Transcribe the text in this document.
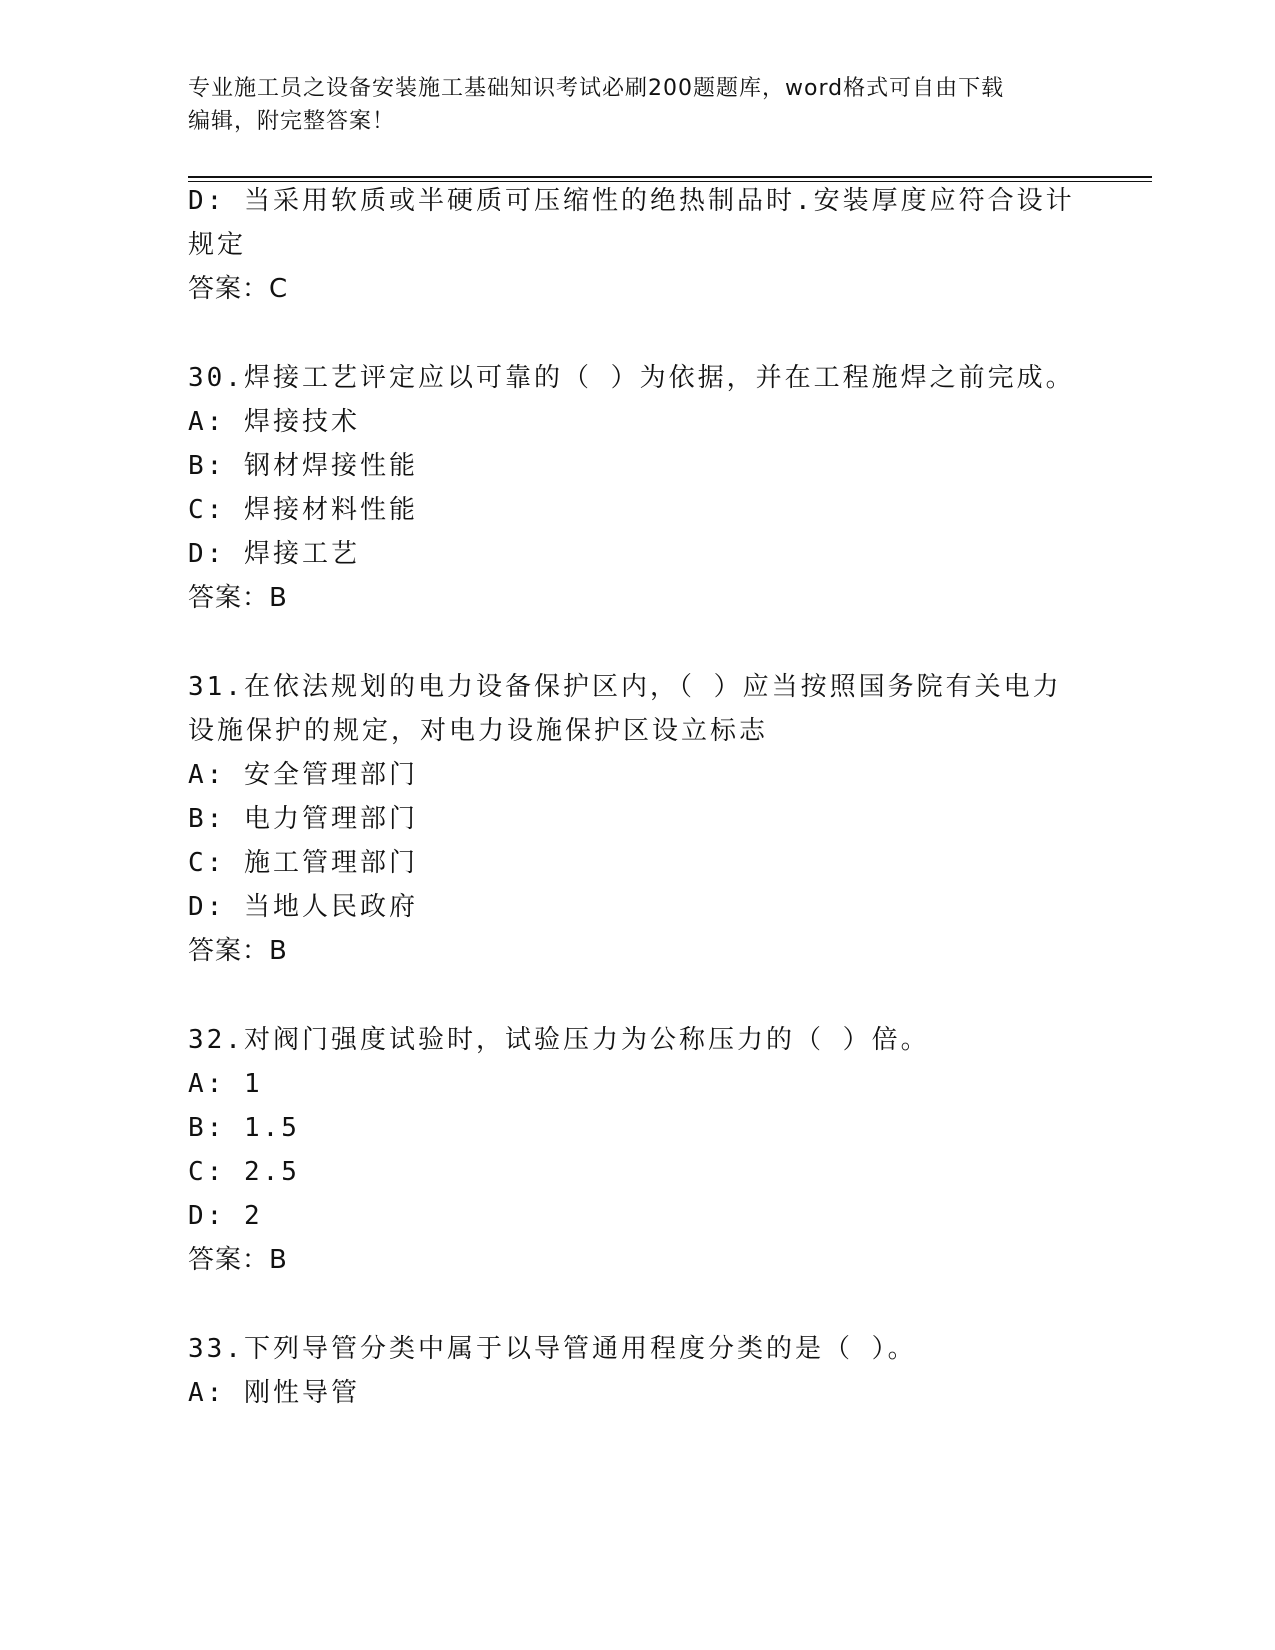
专业施工员之设备安装施工基础知识考试必刷200题题库，word格式可自由下载
编辑，附完整答案！
D: 当采用软质或半硬质可压缩性的绝热制品时.安装厚度应符合设计
规定
答案：C
30.焊接工艺评定应以可靠的（ ）为依据，并在工程施焊之前完成。
A: 焊接技术
B: 钢材焊接性能
C: 焊接材料性能
D: 焊接工艺
答案：B
31.在依法规划的电力设备保护区内，（ ）应当按照国务院有关电力
设施保护的规定，对电力设施保护区设立标志
A: 安全管理部门
B: 电力管理部门
C: 施工管理部门
D: 当地人民政府
答案：B
32.对阀门强度试验时，试验压力为公称压力的（ ）倍。
A: 1
B: 1.5
C: 2.5
D: 2
答案：B
33.下列导管分类中属于以导管通用程度分类的是（ ）。
A: 刚性导管
